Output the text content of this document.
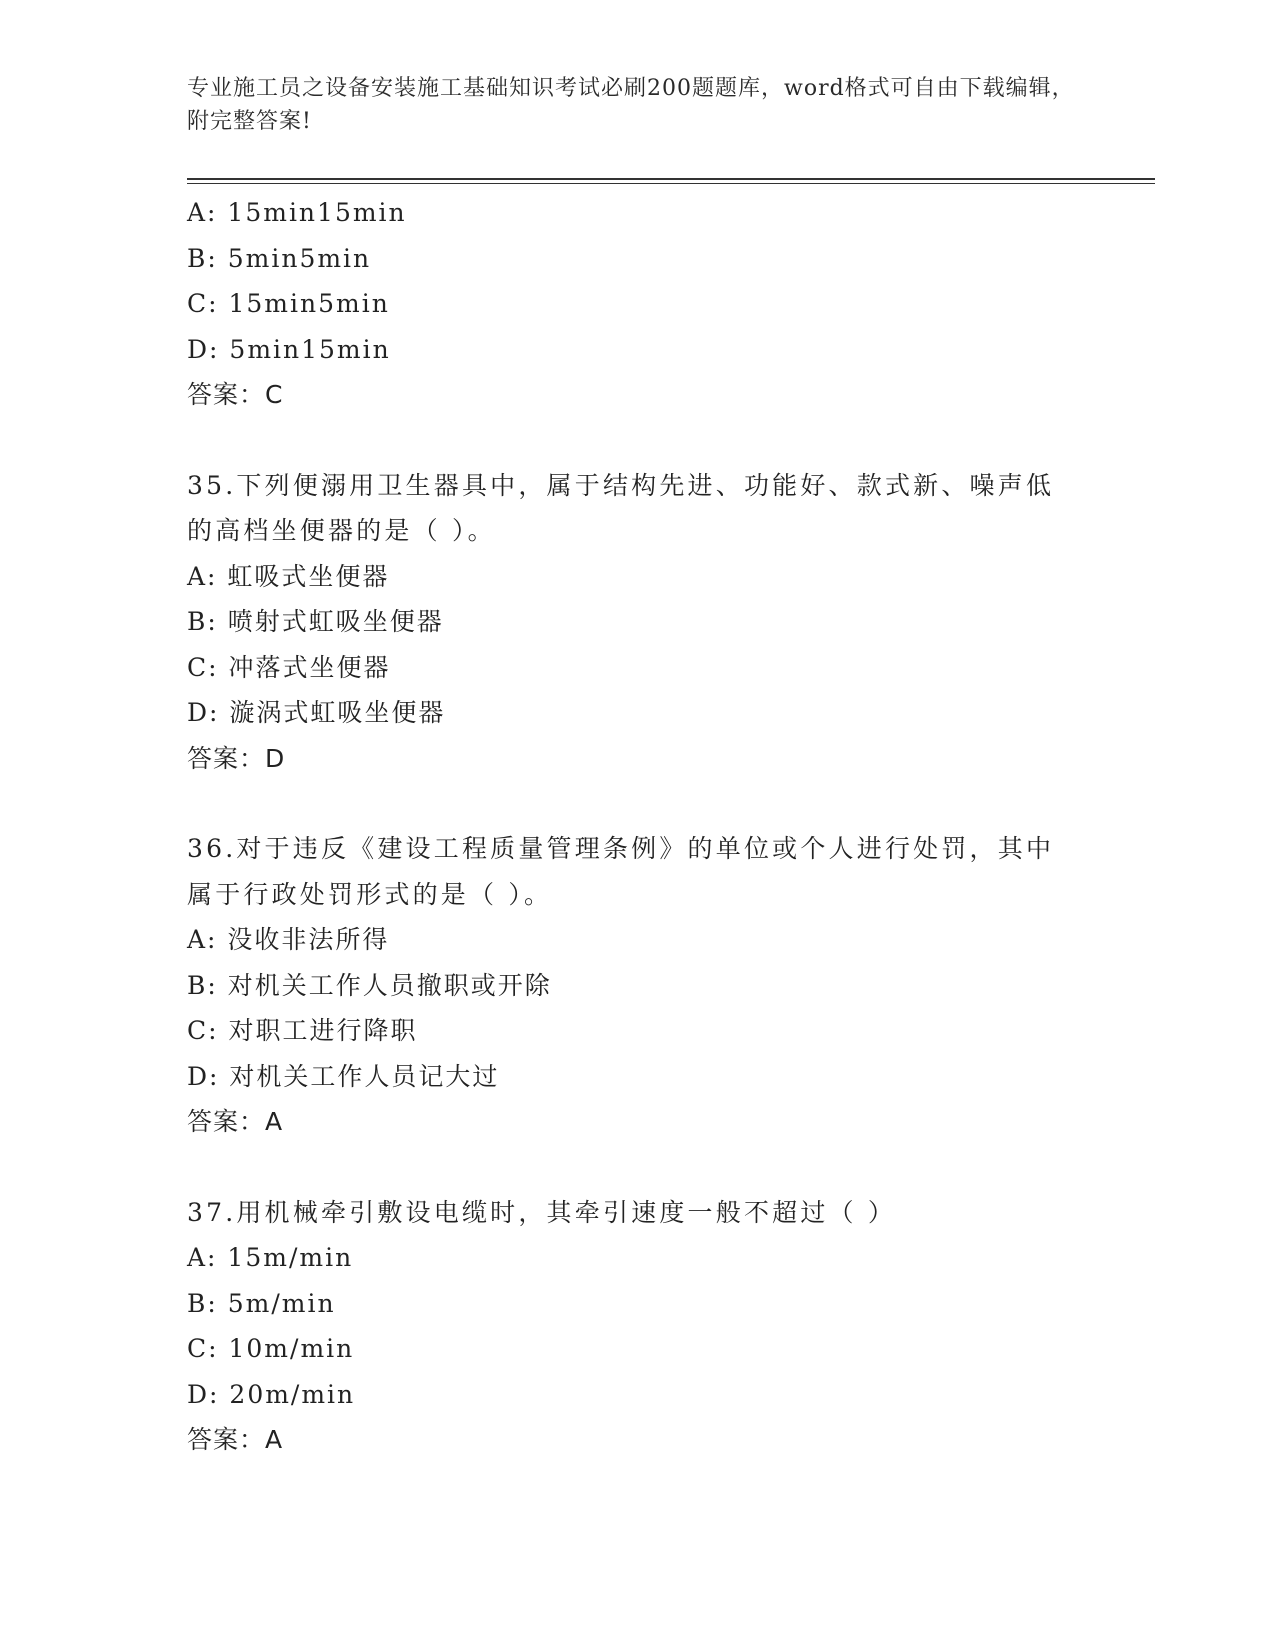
专业施工员之设备安装施工基础知识考试必刷200题题库，word格式可自由下载编辑，附完整答案!
A: 15min15min
B: 5min5min
C: 15min5min
D: 5min15min
答案：C
35.下列便溺用卫生器具中，属于结构先进、功能好、款式新、噪声低的高档坐便器的是（ ）。
A: 虹吸式坐便器
B: 喷射式虹吸坐便器
C: 冲落式坐便器
D: 漩涡式虹吸坐便器
答案：D
36.对于违反《建设工程质量管理条例》的单位或个人进行处罚，其中属于行政处罚形式的是（ ）。
A: 没收非法所得
B: 对机关工作人员撤职或开除
C: 对职工进行降职
D: 对机关工作人员记大过
答案：A
37.用机械牵引敷设电缆时，其牵引速度一般不超过（ ）
A: 15m/min
B: 5m/min
C: 10m/min
D: 20m/min
答案：A
